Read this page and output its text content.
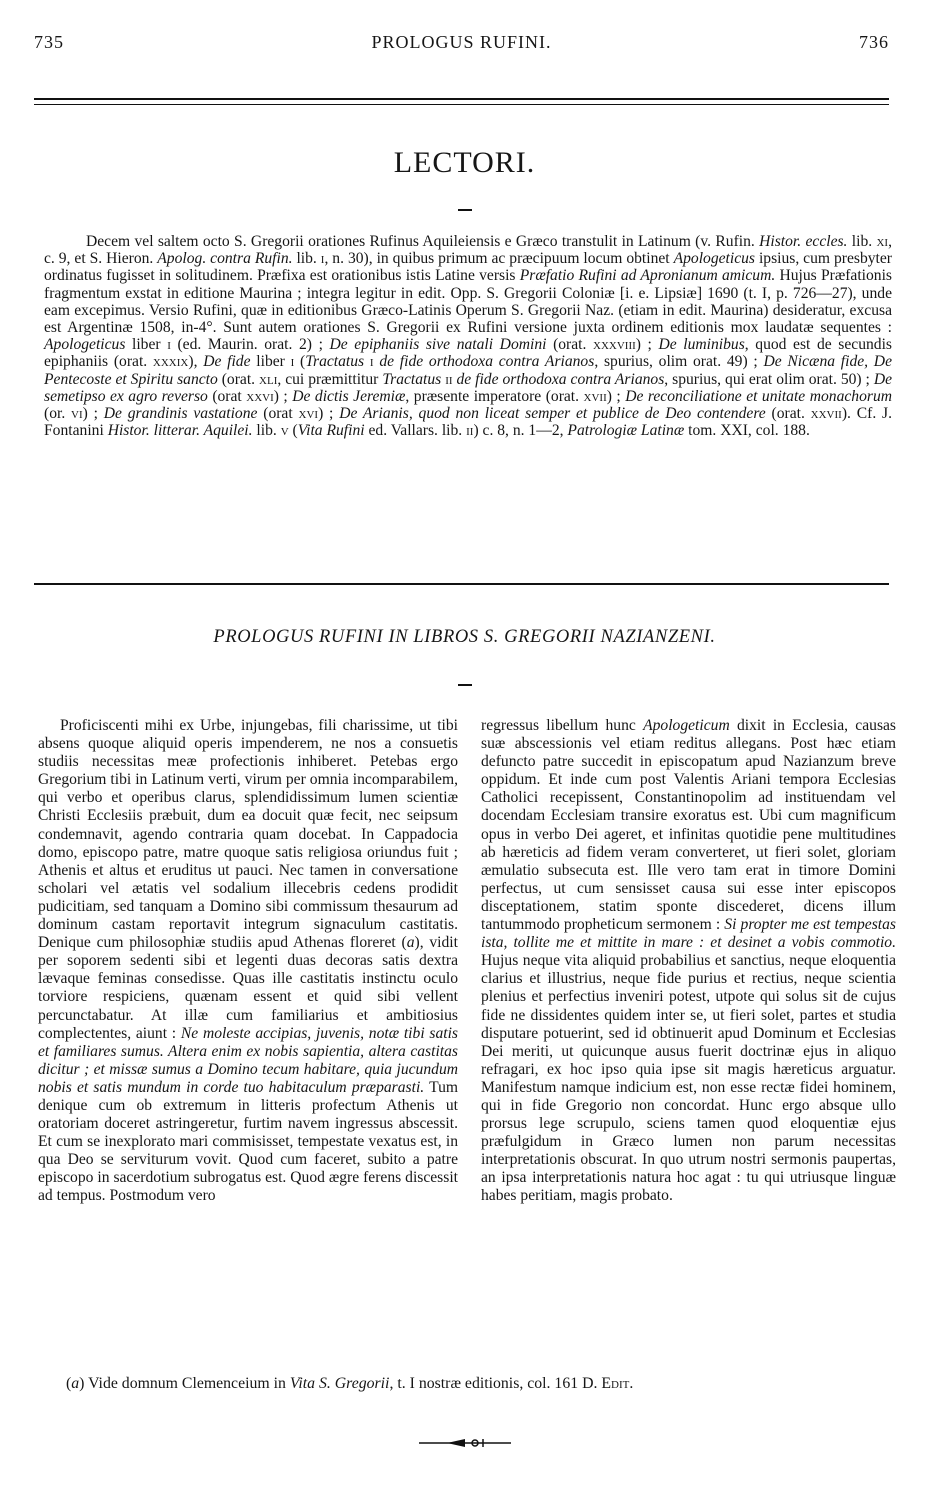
735	PROLOGUS RUFINI.	736
LECTORI.

Decem vel saltem octo S. Gregorii orationes Rufinus Aquileiensis e Græco transtulit in Latinum (v. Rufin. Histor. eccles. lib. xi, c. 9, et S. Hieron. Apolog. contra Rufin. lib. i, n. 30), in quibus primum ac præcipuum locum obtinet Apologeticus ipsius, cum presbyter ordinatus fugisset in solitudinem. Præfixa est orationibus istis Latine versis Præfatio Rufini ad Apronianum amicum. Hujus Præfationis fragmentum exstat in editione Maurina ; integra legitur in edit. Opp. S. Gregorii Coloniæ [i. e. Lipsiæ] 1690 (t. I, p. 726—27), unde eam excepimus. Versio Rufini, quæ in editionibus Græco-Latinis Operum S. Gregorii Naz. (etiam in edit. Maurina) desideratur, excusa est Argentinæ 1508, in-4°. Sunt autem orationes S. Gregorii ex Rufini versione juxta ordinem editionis mox laudatæ sequentes : Apologeticus liber i (ed. Maurin. orat. 2) ; De epiphaniis sive natali Domini (orat. xxxviii) ; De luminibus, quod est de secundis epiphaniis (orat. xxxix), De fide liber i (Tractatus i de fide orthodoxa contra Arianos, spurius, olim orat. 49) ; De Nicæna fide, De Pentecoste et Spiritu sancto (orat. xli, cui præmittitur Tractatus ii de fide orthodoxa contra Arianos, spurius, qui erat olim orat. 50) ; De semetipso ex agro reverso (orat xxvi) ; De dictis Jeremiæ, præsente imperatore (orat. xvii) ; De reconciliatione et unitate monachorum (or. vi) ; De grandinis vastatione (orat xvi) ; De Arianis, quod non liceat semper et publice de Deo contendere (orat. xxvii). Cf. J. Fontanini Histor. litterar. Aquilei. lib. v (Vita Rufini ed. Vallars. lib. ii) c. 8, n. 1—2, Patrologiæ Latinæ tom. XXI, col. 188.

PROLOGUS RUFINI IN LIBROS S. GREGORII NAZIANZENI.

Proficiscenti mihi ex Urbe, injungebas, fili charissime, ut tibi absens quoque aliquid operis impenderem, ne nos a consuetis studiis necessitas meæ profectionis inhiberet. Petebas ergo Gregorium tibi in Latinum verti, virum per omnia incomparabilem, qui verbo et operibus clarus, splendidissimum lumen scientiæ Christi Ecclesiis præbuit, dum ea docuit quæ fecit, nec seipsum condemnavit, agendo contraria quam docebat. In Cappadocia domo, episcopo patre, matre quoque satis religiosa oriundus fuit ; Athenis et altus et eruditus ut pauci. Nec tamen in conversatione scholari vel ætatis vel sodalium illecebris cedens prodidit pudicitiam, sed tanquam a Domino sibi commissum thesaurum ad dominum castam reportavit integrum signaculum castitatis. Denique cum philosophiæ studiis apud Athenas floreret (a), vidit per soporem sedenti sibi et legenti duas decoras satis dextra lævaque feminas consedisse. Quas ille castitatis instinctu oculo torviore respiciens, quænam essent et quid sibi vellent percunctabatur. At illæ cum familiarius et ambitiosius complectentes, aiunt : Ne moleste accipias, juvenis, notæ tibi satis et familiares sumus. Altera enim ex nobis sapientia, altera castitas dicitur ; et missæ sumus a Domino tecum habitare, quia jucundum nobis et satis mundum in corde tuo habitaculum præparasti. Tum denique cum ob extremum in litteris profectum Athenis ut oratoriam doceret astringeretur, furtim navem ingressus abscessit. Et cum se inexplorato mari commisisset, tempestate vexatus est, in qua Deo se serviturum vovit. Quod cum faceret, subito a patre episcopo in sacerdotium subrogatus est. Quod ægre ferens discessit ad tempus. Postmodum vero

regressus libellum hunc Apologeticum dixit in Ecclesia, causas suæ abscessionis vel etiam reditus allegans. Post hæc etiam defuncto patre succedit in episcopatum apud Nazianzum breve oppidum. Et inde cum post Valentis Ariani tempora Ecclesias Catholici recepissent, Constantinopolim ad instituendam vel docendam Ecclesiam transire exoratus est. Ubi cum magnificum opus in verbo Dei ageret, et infinitas quotidie pene multitudines ab hæreticis ad fidem veram converteret, ut fieri solet, gloriam æmulatio subsecuta est. Ille vero tam erat in timore Domini perfectus, ut cum sensisset causa sui esse inter episcopos disceptationem, statim sponte discederet, dicens illum tantummodo propheticum sermonem : Si propter me est tempestas ista, tollite me et mittite in mare : et desinet a vobis commotio. Hujus neque vita aliquid probabilius et sanctius, neque eloquentia clarius et illustrius, neque fide purius et rectius, neque scientia plenius et perfectius inveniri potest, utpote qui solus sit de cujus fide ne dissidentes quidem inter se, ut fieri solet, partes et studia disputare potuerint, sed id obtinuerit apud Dominum et Ecclesias Dei meriti, ut quicunque ausus fuerit doctrinæ ejus in aliquo refragari, ex hoc ipso quia ipse sit magis hæreticus arguatur. Manifestum namque indicium est, non esse rectæ fidei hominem, qui in fide Gregorio non concordat. Hunc ergo absque ullo prorsus lege scrupulo, sciens tamen quod eloquentiæ ejus præfulgidum in Græco lumen non parum necessitas interpretationis obscurat. In quo utrum nostri sermonis paupertas, an ipsa interpretationis natura hoc agat : tu qui utriusque linguæ habes peritiam, magis probato.

(a) Vide domnum Clemenceium in Vita S. Gregorii, t. I nostræ editionis, col. 161 D. Edit.
